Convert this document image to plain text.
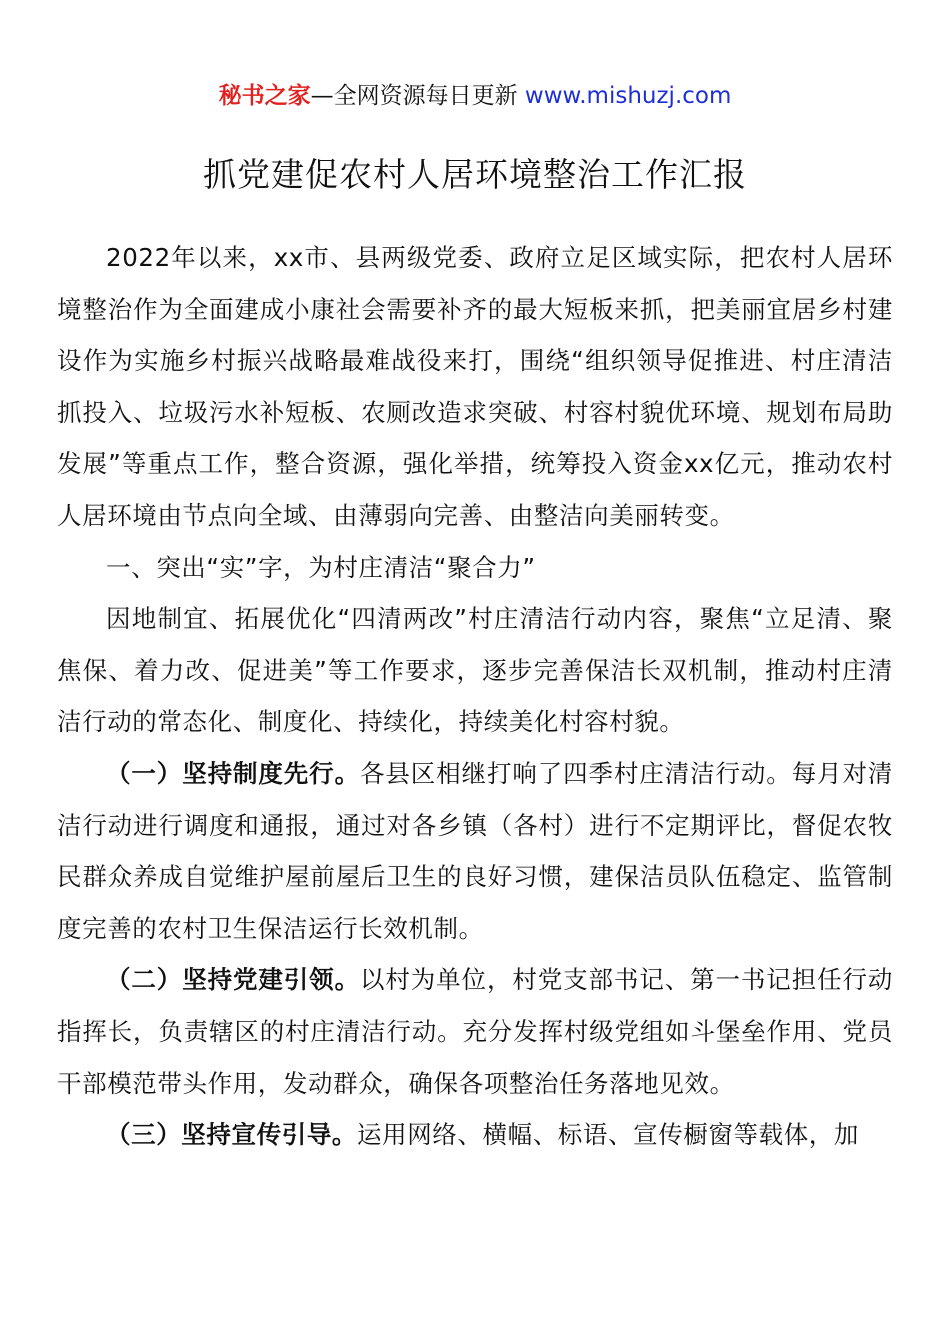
秘书之家—全网资源每日更新 www.mishuzj.com
抓党建促农村人居环境整治工作汇报

2022年以来，xx市、县两级党委、政府立足区域实际，把农村人居环境整治作为全面建成小康社会需要补齐的最大短板来抓，把美丽宜居乡村建设作为实施乡村振兴战略最难战役来打，围绕“组织领导促推进、村庄清洁抓投入、垃圾污水补短板、农厕改造求突破、村容村貌优环境、规划布局助发展”等重点工作，整合资源，强化举措，统筹投入资金xx亿元，推动农村人居环境由节点向全域、由薄弱向完善、由整洁向美丽转变。

一、突出“实”字，为村庄清洁“聚合力”

因地制宜、拓展优化“四清两改”村庄清洁行动内容，聚焦“立足清、聚焦保、着力改、促进美”等工作要求，逐步完善保洁长双机制，推动村庄清洁行动的常态化、制度化、持续化，持续美化村容村貌。

（一）坚持制度先行。各县区相继打响了四季村庄清洁行动。每月对清洁行动进行调度和通报，通过对各乡镇（各村）进行不定期评比，督促农牧民群众养成自觉维护屋前屋后卫生的良好习惯，建保洁员队伍稳定、监管制度完善的农村卫生保洁运行长效机制。

（二）坚持党建引领。以村为单位，村党支部书记、第一书记担任行动指挥长，负责辖区的村庄清洁行动。充分发挥村级党组如斗堡垒作用、党员干部模范带头作用，发动群众，确保各项整治任务落地见效。

（三）坚持宣传引导。运用网络、横幅、标语、宣传橱窗等载体，加
